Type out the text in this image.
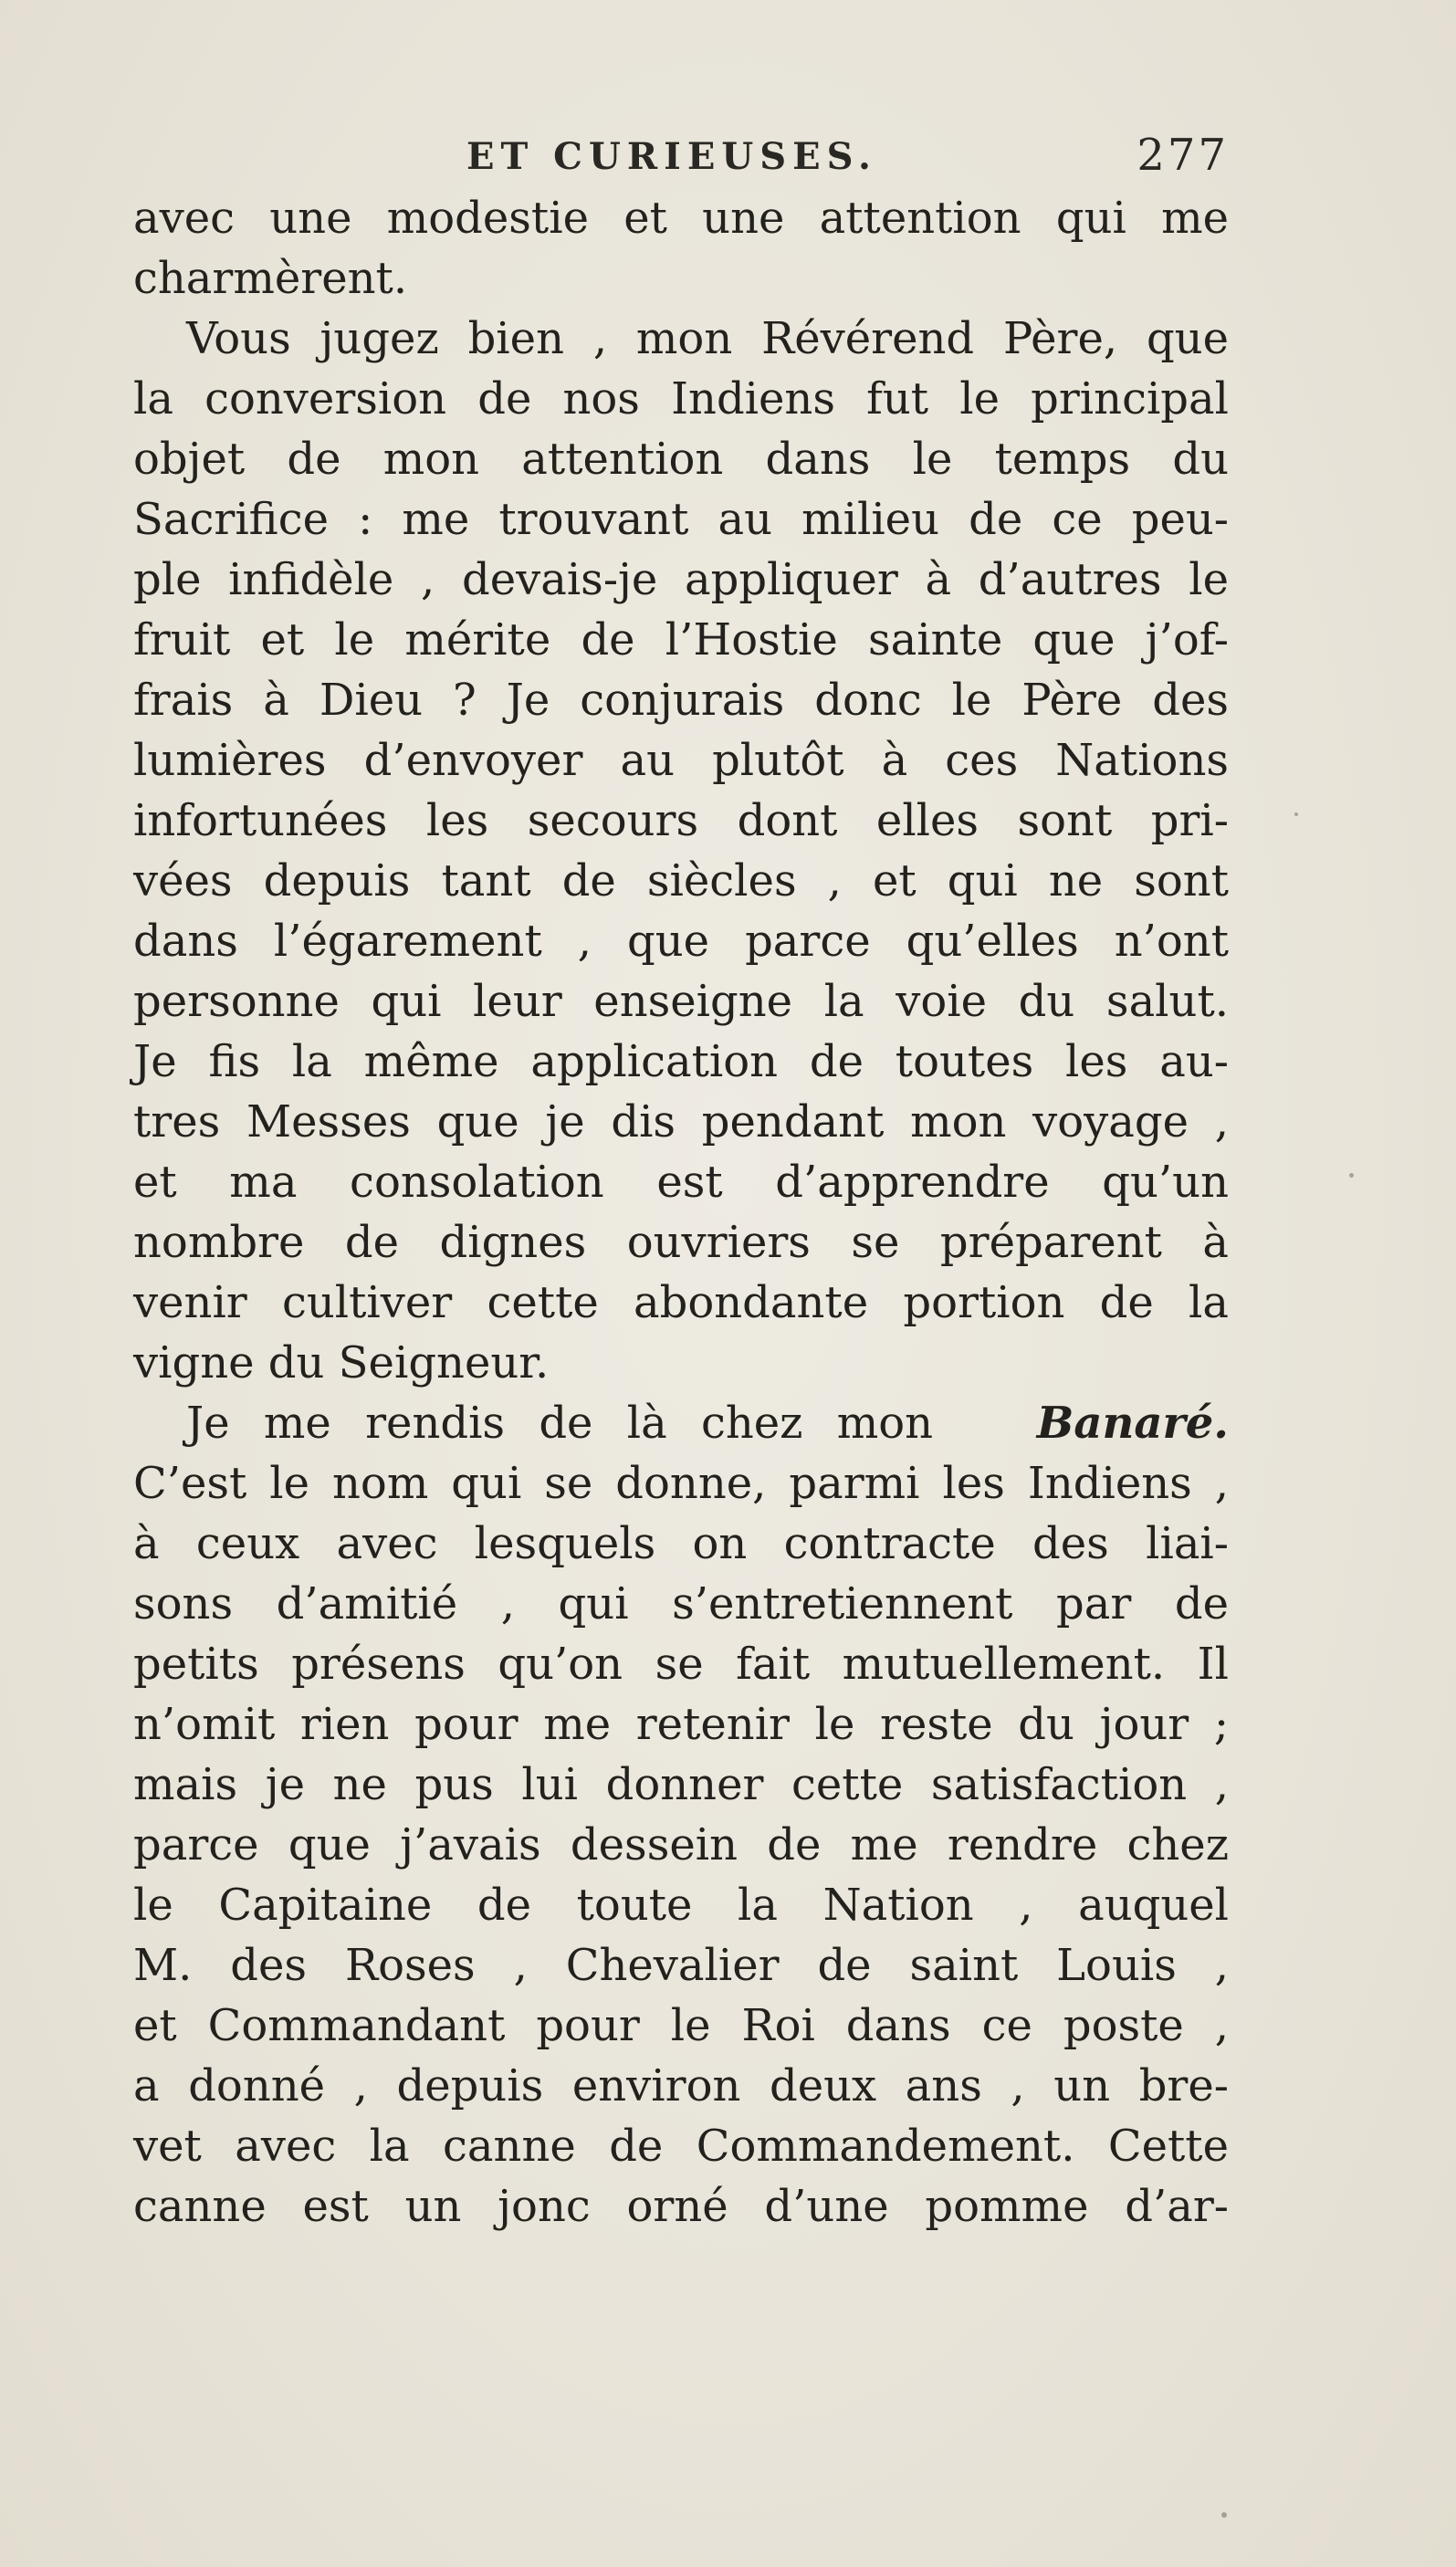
ET CURIEUSES.	277
avec une modestie et une attention qui me
charmèrent.
Vous jugez bien , mon Révérend Père, que
la conversion de nos Indiens fut le principal
objet de mon attention dans le temps du
Sacrifice : me trouvant au milieu de ce peu-
ple infidèle , devais-je appliquer à d’autres le
fruit et le mérite de l’Hostie sainte que j’of-
frais à Dieu ? Je conjurais donc le Père des
lumières d’envoyer au plutôt à ces Nations
infortunées les secours dont elles sont pri-
vées depuis tant de siècles , et qui ne sont
dans l’égarement , que parce qu’elles n’ont
personne qui leur enseigne la voie du salut.
Je fis la même application de toutes les au-
tres Messes que je dis pendant mon voyage ,
et ma consolation est d’apprendre qu’un
nombre de dignes ouvriers se préparent à
venir cultiver cette abondante portion de la
vigne du Seigneur.
Je me rendis de là chez mon Banaré.
C’est le nom qui se donne, parmi les Indiens ,
à ceux avec lesquels on contracte des liai-
sons d’amitié , qui s’entretiennent par de
petits présens qu’on se fait mutuellement. Il
n’omit rien pour me retenir le reste du jour ;
mais je ne pus lui donner cette satisfaction ,
parce que j’avais dessein de me rendre chez
le Capitaine de toute la Nation , auquel
M. des Roses , Chevalier de saint Louis ,
et Commandant pour le Roi dans ce poste ,
a donné , depuis environ deux ans , un bre-
vet avec la canne de Commandement. Cette
canne est un jonc orné d’une pomme d’ar-
